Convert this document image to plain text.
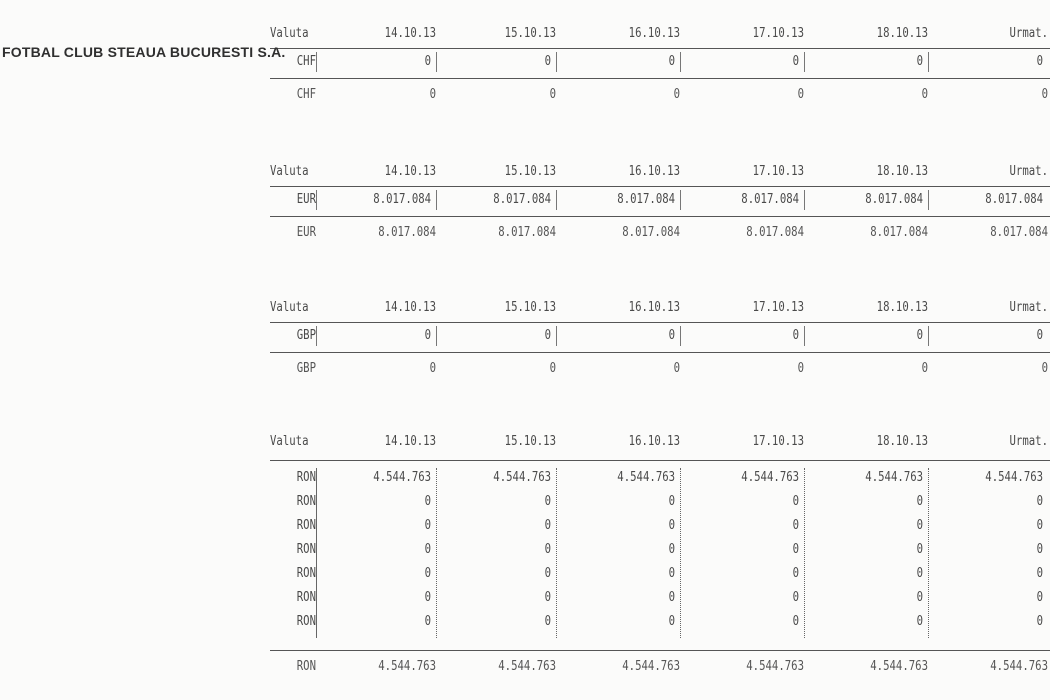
FOTBAL CLUB STEAUA BUCURESTI S.A.
Valuta	14.10.13	15.10.13	16.10.13	17.10.13	18.10.13	Urmat.
CHF	0	0	0	0	0	0
CHF	0	0	0	0	0	0
Valuta	14.10.13	15.10.13	16.10.13	17.10.13	18.10.13	Urmat.
EUR	8.017.084	8.017.084	8.017.084	8.017.084	8.017.084	8.017.084
EUR	8.017.084	8.017.084	8.017.084	8.017.084	8.017.084	8.017.084
Valuta	14.10.13	15.10.13	16.10.13	17.10.13	18.10.13	Urmat.
GBP	0	0	0	0	0	0
GBP	0	0	0	0	0	0
Valuta	14.10.13	15.10.13	16.10.13	17.10.13	18.10.13	Urmat.
RON	4.544.763	4.544.763	4.544.763	4.544.763	4.544.763	4.544.763
RON	0	0	0	0	0	0
RON	0	0	0	0	0	0
RON	0	0	0	0	0	0
RON	0	0	0	0	0	0
RON	0	0	0	0	0	0
RON	0	0	0	0	0	0
RON	4.544.763	4.544.763	4.544.763	4.544.763	4.544.763	4.544.763
